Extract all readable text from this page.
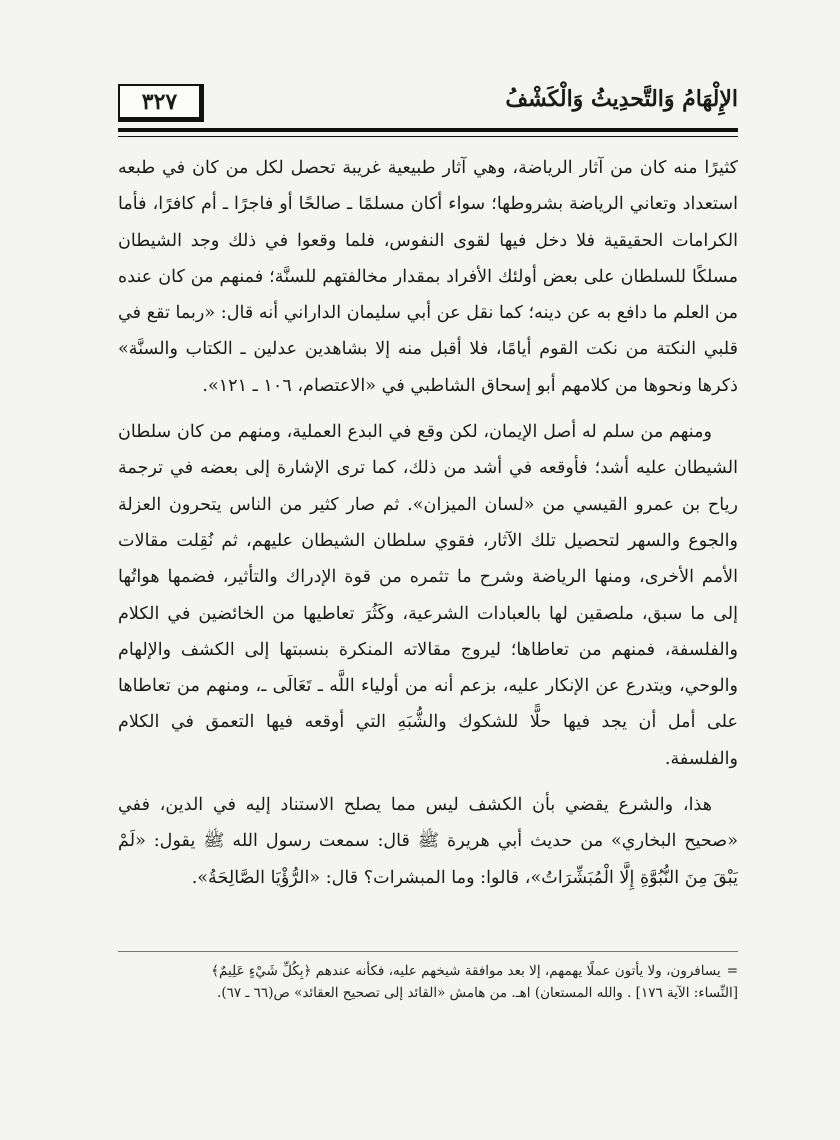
٣٢٧	الإِلْهَامُ وَالتَّحدِيثُ وَالْكَشْفُ

كثيرًا منه كان من آثار الرياضة، وهي آثار طبيعية غريبة تحصل لكل من كان في طبعه استعداد وتعاني الرياضة بشروطها؛ سواء أكان مسلمًا ـ صالحًا أو فاجرًا ـ أم كافرًا، فأما الكرامات الحقيقية فلا دخل فيها لقوى النفوس، فلما وقعوا في ذلك وجد الشيطان مسلكًا للسلطان على بعض أولئك الأفراد بمقدار مخالفتهم للسنَّة؛ فمنهم من كان عنده من العلم ما دافع به عن دينه؛ كما نقل عن أبي سليمان الداراني أنه قال: «ربما تقع في قلبي النكتة من نكت القوم أيامًا، فلا أقبل منه إلا بشاهدين عدلين ـ الكتاب والسنَّة» ذكرها ونحوها من كلامهم أبو إسحاق الشاطبي في «الاعتصام، ١٠٦ ـ ١٢١».

ومنهم من سلم له أصل الإيمان، لكن وقع في البدع العملية، ومنهم من كان سلطان الشيطان عليه أشد؛ فأوقعه في أشد من ذلك، كما ترى الإشارة إلى بعضه في ترجمة رياح بن عمرو القيسي من «لسان الميزان». ثم صار كثير من الناس يتحرون العزلة والجوع والسهر لتحصيل تلك الآثار، فقوي سلطان الشيطان عليهم، ثم نُقِلت مقالات الأمم الأخرى، ومنها الرياضة وشرح ما تثمره من قوة الإدراك والتأثير، فضمها هواتُها إلى ما سبق، ملصقين لها بالعبادات الشرعية، وكَثُرَ تعاطيها من الخائضين في الكلام والفلسفة، فمنهم من تعاطاها؛ ليروج مقالاته المنكرة بنسبتها إلى الكشف والإلهام والوحي، ويتدرع عن الإنكار عليه، بزعم أنه من أولياء اللَّه ـ تَعَالَى ـ، ومنهم من تعاطاها على أمل أن يجد فيها حلًّا للشكوك والشُّبَهِ التي أوقعه فيها التعمق في الكلام والفلسفة.

هذا، والشرع يقضي بأن الكشف ليس مما يصلح الاستناد إليه في الدين، ففي «صحيح البخاري» من حديث أبي هريرة ﷺ قال: سمعت رسول الله ﷺ يقول: «لَمْ يَبْقَ مِنَ النُّبُوَّةِ إِلَّا الْمُبَشِّرَاتُ»، قالوا: وما المبشرات؟ قال: «الرُّؤْيَا الصَّالِحَةُ».

=يسافرون، ولا يأتون عملًا يهمهم، إلا بعد موافقة شيخهم عليه، فكأنه عندهم ﴿بِكُلِّ شَيْءٍ عَلِيمٌ﴾

[النِّساء: الآية ١٧٦] . والله المستعان) اهـ. من هامش «القائد إلى تصحيح العقائد» ص(٦٦ ـ ٦٧).
